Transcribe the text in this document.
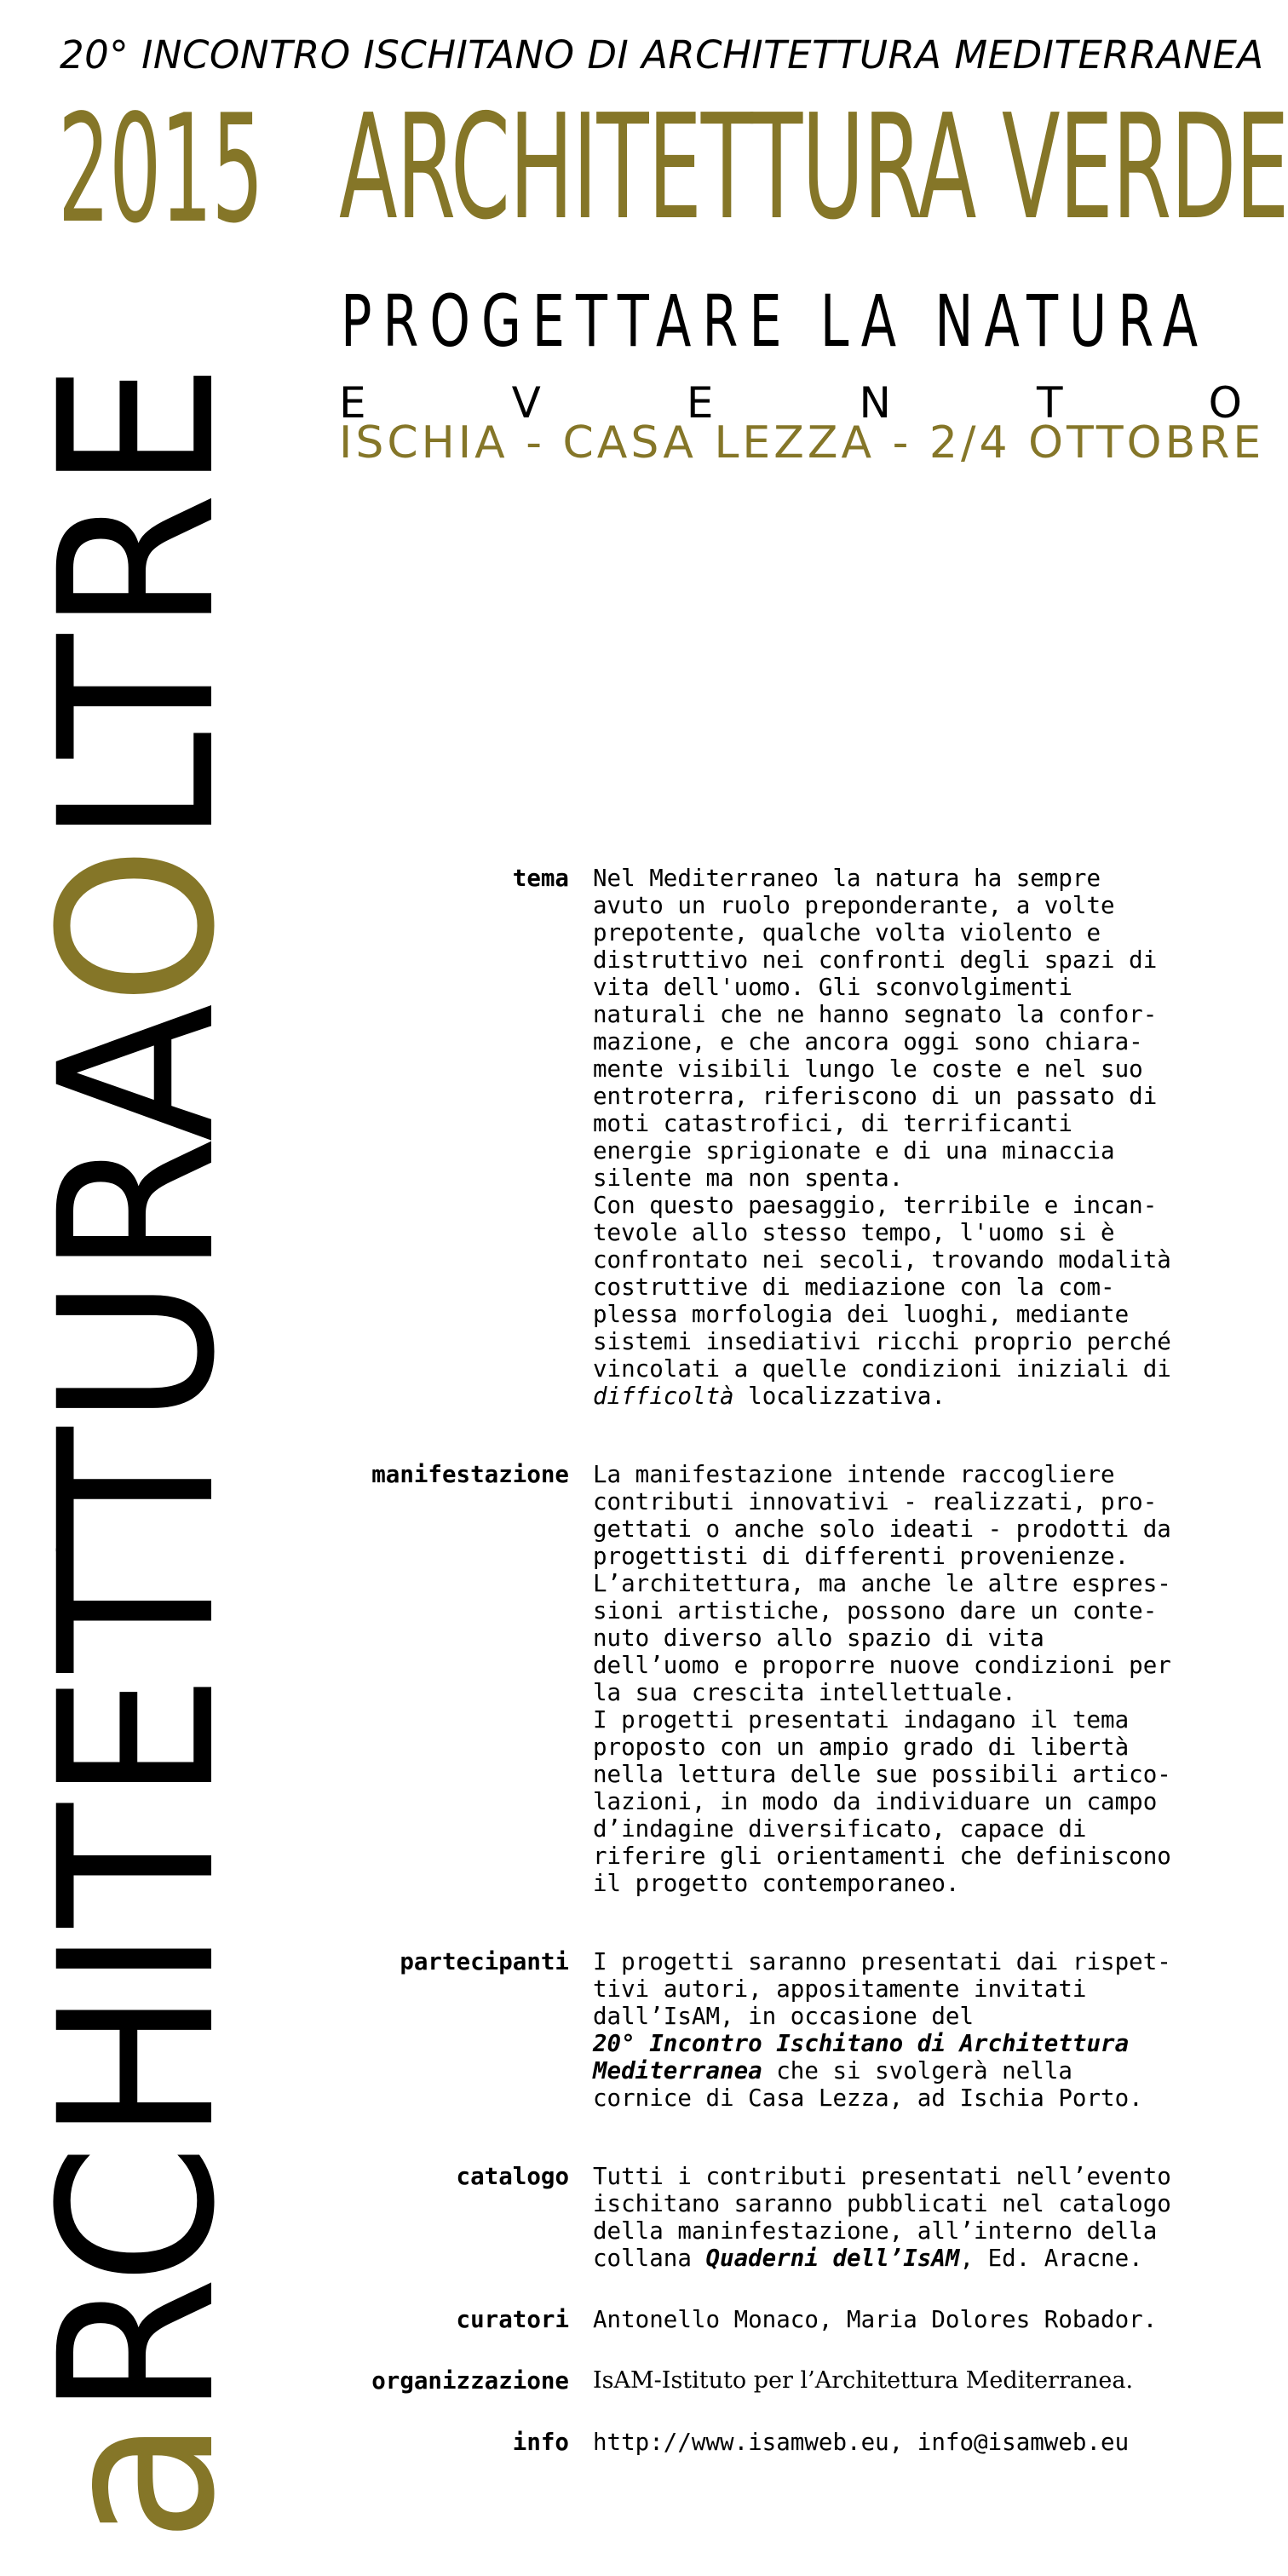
20° INCONTRO ISCHITANO DI ARCHITETTURA MEDITERRANEA
2015 ARCHITETTURA VERDE
PROGETTARE LA NATURA
E	V	E	N	T	O
ISCHIA - CASA LEZZA - 2/4 OTTOBRE
aRCHITETTURAOLTRE
tema	Nel Mediterraneo la natura ha sempre
avuto un ruolo preponderante, a volte
prepotente, qualche volta violento e
distruttivo nei confronti degli spazi di
vita dell'uomo. Gli sconvolgimenti
naturali che ne hanno segnato la confor-
mazione, e che ancora oggi sono chiara-
mente visibili lungo le coste e nel suo
entroterra, riferiscono di un passato di
moti catastrofici, di terrificanti
energie sprigionate e di una minaccia
silente ma non spenta.
Con questo paesaggio, terribile e incan-
tevole allo stesso tempo, l'uomo si è
confrontato nei secoli, trovando modalità
costruttive di mediazione con la com-
plessa morfologia dei luoghi, mediante
sistemi insediativi ricchi proprio perché
vincolati a quelle condizioni iniziali di
difficoltà localizzativa.
manifestazione	La manifestazione intende raccogliere
contributi innovativi - realizzati, pro-
gettati o anche solo ideati - prodotti da
progettisti di differenti provenienze.
L’architettura, ma anche le altre espres-
sioni artistiche, possono dare un conte-
nuto diverso allo spazio di vita
dell’uomo e proporre nuove condizioni per
la sua crescita intellettuale.
I progetti presentati indagano il tema
proposto con un ampio grado di libertà
nella lettura delle sue possibili artico-
lazioni, in modo da individuare un campo
d’indagine diversificato, capace di
riferire gli orientamenti che definiscono
il progetto contemporaneo.
partecipanti	I progetti saranno presentati dai rispet-
tivi autori, appositamente invitati
dall’IsAM, in occasione del
20° Incontro Ischitano di Architettura
Mediterranea che si svolgerà nella
cornice di Casa Lezza, ad Ischia Porto.
catalogo	Tutti i contributi presentati nell’evento
ischitano saranno pubblicati nel catalogo
della maninfestazione, all’interno della
collana Quaderni dell’IsAM, Ed. Aracne.
curatori	Antonello Monaco, Maria Dolores Robador.
organizzazione	IsAM-Istituto per l’Architettura Mediterranea.
info	http://www.isamweb.eu, info@isamweb.eu
